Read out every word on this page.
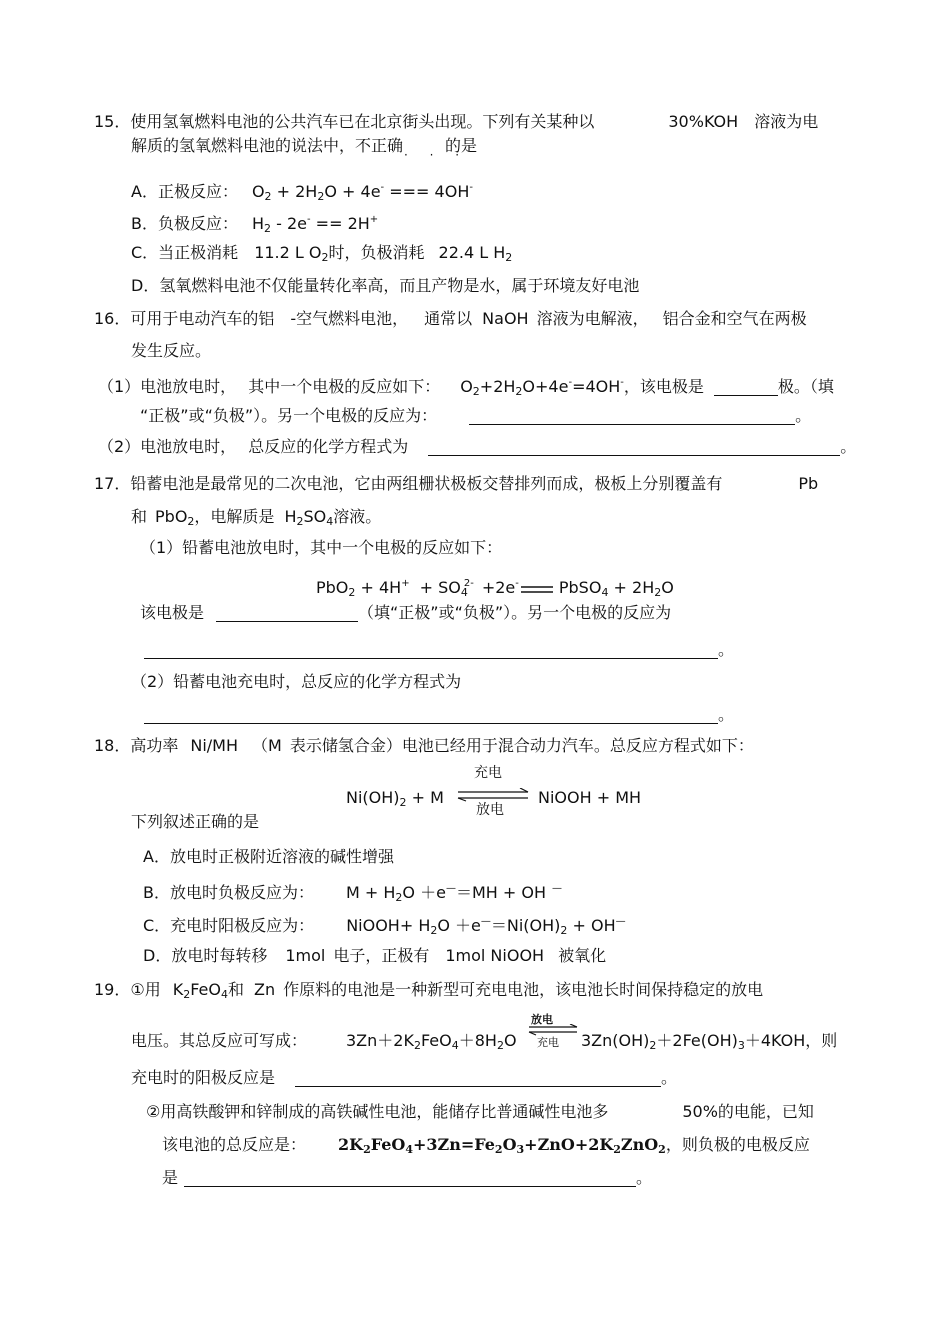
15．使用氢氧燃料电池的公共汽车已在北京街头出现。下列有关某种以	30%KOH 溶液为电
解质的氢氧燃料电池的说法中，不正确	的是
· · ·
A．正极反应： $O_2 + 2H_2O + 4e^-$ === 4OH-
B．负极反应： $H_2 - 2e^- == 2H^+$
C．当正极消耗 11.2 L $O_2$时，负极消耗 22.4 L $H_2$
D．氢氧燃料电池不仅能量转化率高，而且产物是水，属于环境友好电池
16．可用于电动汽车的铝 -空气燃料电池， 通常以 NaOH 溶液为电解液， 铝合金和空气在两极
发生反应。
（1）电池放电时， 其中一个电极的反应如下： $O_2+2H_2O+4e^-=4OH^-$，该电极是	极。（填
“正极”或“负极”）。另一个电极的反应为：	。
（2）电池放电时， 总反应的化学方程式为	。
17．铅蓄电池是最常见的二次电池，它由两组栅状极板交替排列而成，极板上分别覆盖有	Pb
和 PbO$_2$，电解质是 $H_2SO_4$溶液。
（1）铅蓄电池放电时，其中一个电极的反应如下：
$PbO_2 + 4H^+ + SO_4^{2-} +2e^-$	PbSO$_4$ + $2H_2O$
该电极是	（填“正极”或“负极”）。另一个电极的反应为
。
（2）铅蓄电池充电时，总反应的化学方程式为
。
18．高功率 Ni/MH （M 表示储氢合金）电池已经用于混合动力汽车。总反应方程式如下：
充电
$Ni(OH)_2 + M$	NiOOH + MH
放电
下列叙述正确的是
A．放电时正极附近溶液的碱性增强
B．放电时负极反应为： $M + H_2O +e^—=MH$ + OH —
C．充电时阳极反应为： NiOOH+ $H_2O +e^—=Ni(OH)_2 + OH^—$
D．放电时每转移 1mol 电子，正极有 1mol NiOOH 被氧化
19．①用 $K_2FeO_4$和 Zn 作原料的电池是一种新型可充电电池，该电池长时间保持稳定的放电
电压。其总反应可写成： $3Zn+2K_2FeO_4+8H_2O$
放电
充电 $3Zn(OH)_2+2Fe(OH)_3+4KOH$，则
充电时的阳极反应是	。
②用高铁酸钾和锌制成的高铁碱性电池，能储存比普通碱性电池多	50%的电能，已知
该电池的总反应是： $2K_2FeO_4+3Zn=Fe_2O_3+ZnO+2K_2ZnO_2$，则负极的电极反应
是	。
